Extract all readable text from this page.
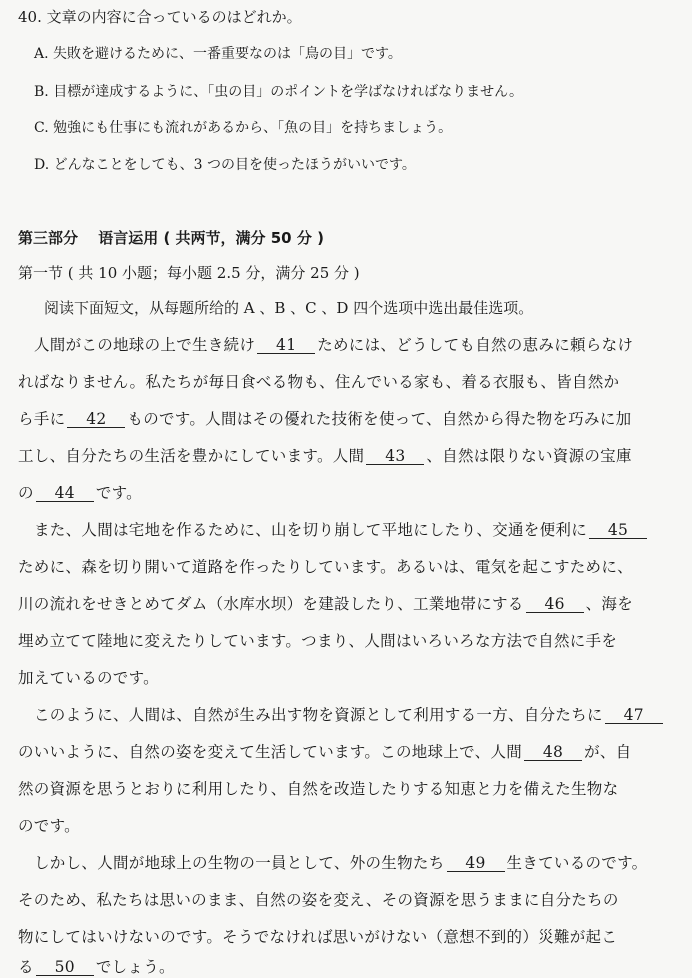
40. 文章の内容に合っているのはどれか。
A. 失敗を避けるために、一番重要なのは「鳥の目」です。
B. 目標が達成するように、「虫の目」のポイントを学ばなければなりません。
C. 勉強にも仕事にも流れがあるから、「魚の目」を持ちましょう。
D. どんなことをしても、3 つの目を使ったほうがいいです。
第三部分　 语言运用 ( 共两节，满分 50 分 )
第一节 ( 共 10 小题；每小题 2.5 分，满分 25 分 )
阅读下面短文，从每题所给的 A 、B 、C 、D 四个选项中选出最佳选项。
人間がこの地球の上で生き続け 41 ためには、どうしても自然の恵みに頼らなけ
ればなりません。私たちが毎日食べる物も、住んでいる家も、着る衣服も、皆自然か
ら手に 42 ものです。人間はその優れた技術を使って、自然から得た物を巧みに加
工し、自分たちの生活を豊かにしています。人間 43 、自然は限りない資源の宝庫
の 44 です。
また、人間は宅地を作るために、山を切り崩して平地にしたり、交通を便利に 45
ために、森を切り開いて道路を作ったりしています。あるいは、電気を起こすために、
川の流れをせきとめてダム（水库水坝）を建設したり、工業地帯にする 46 、海を
埋め立てて陸地に変えたりしています。つまり、人間はいろいろな方法で自然に手を
加えているのです。
このように、人間は、自然が生み出す物を資源として利用する一方、自分たちに 47
のいいように、自然の姿を変えて生活しています。この地球上で、人間 48 が、自
然の資源を思うとおりに利用したり、自然を改造したりする知恵と力を備えた生物な
のです。
しかし、人間が地球上の生物の一員として、外の生物たち 49 生きているのです。
そのため、私たちは思いのまま、自然の姿を変え、その資源を思うままに自分たちの
物にしてはいけないのです。そうでなければ思いがけない（意想不到的）災難が起こ
る 50 でしょう。
